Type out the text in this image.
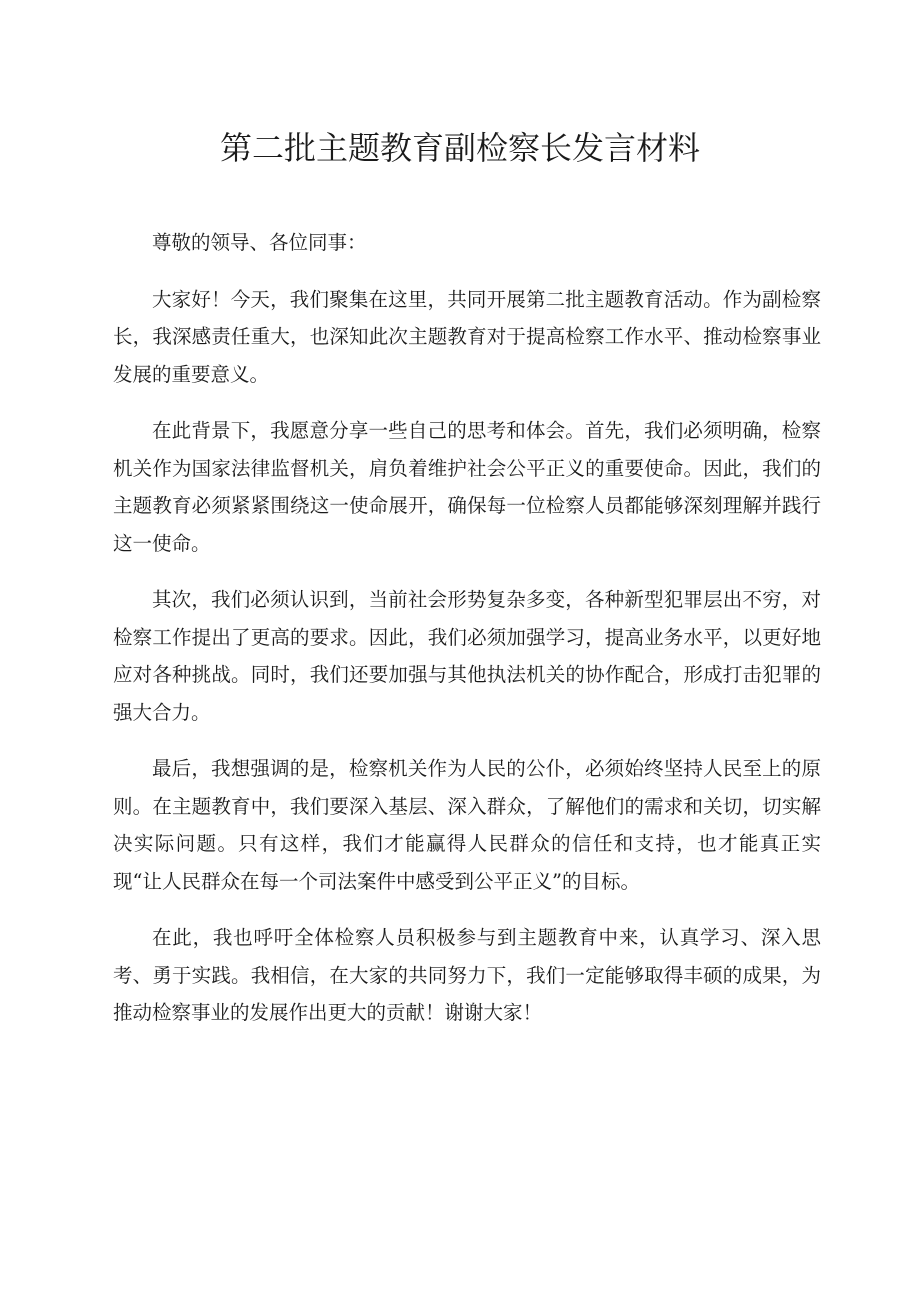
第二批主题教育副检察长发言材料

尊敬的领导、各位同事：

大家好！今天，我们聚集在这里，共同开展第二批主题教育活动。作为副检察长，我深感责任重大，也深知此次主题教育对于提高检察工作水平、推动检察事业发展的重要意义。

在此背景下，我愿意分享一些自己的思考和体会。首先，我们必须明确，检察机关作为国家法律监督机关，肩负着维护社会公平正义的重要使命。因此，我们的主题教育必须紧紧围绕这一使命展开，确保每一位检察人员都能够深刻理解并践行这一使命。

其次，我们必须认识到，当前社会形势复杂多变，各种新型犯罪层出不穷，对检察工作提出了更高的要求。因此，我们必须加强学习，提高业务水平，以更好地应对各种挑战。同时，我们还要加强与其他执法机关的协作配合，形成打击犯罪的强大合力。

最后，我想强调的是，检察机关作为人民的公仆，必须始终坚持人民至上的原则。在主题教育中，我们要深入基层、深入群众，了解他们的需求和关切，切实解决实际问题。只有这样，我们才能赢得人民群众的信任和支持，也才能真正实现“让人民群众在每一个司法案件中感受到公平正义”的目标。

在此，我也呼吁全体检察人员积极参与到主题教育中来，认真学习、深入思考、勇于实践。我相信，在大家的共同努力下，我们一定能够取得丰硕的成果，为推动检察事业的发展作出更大的贡献！谢谢大家！
